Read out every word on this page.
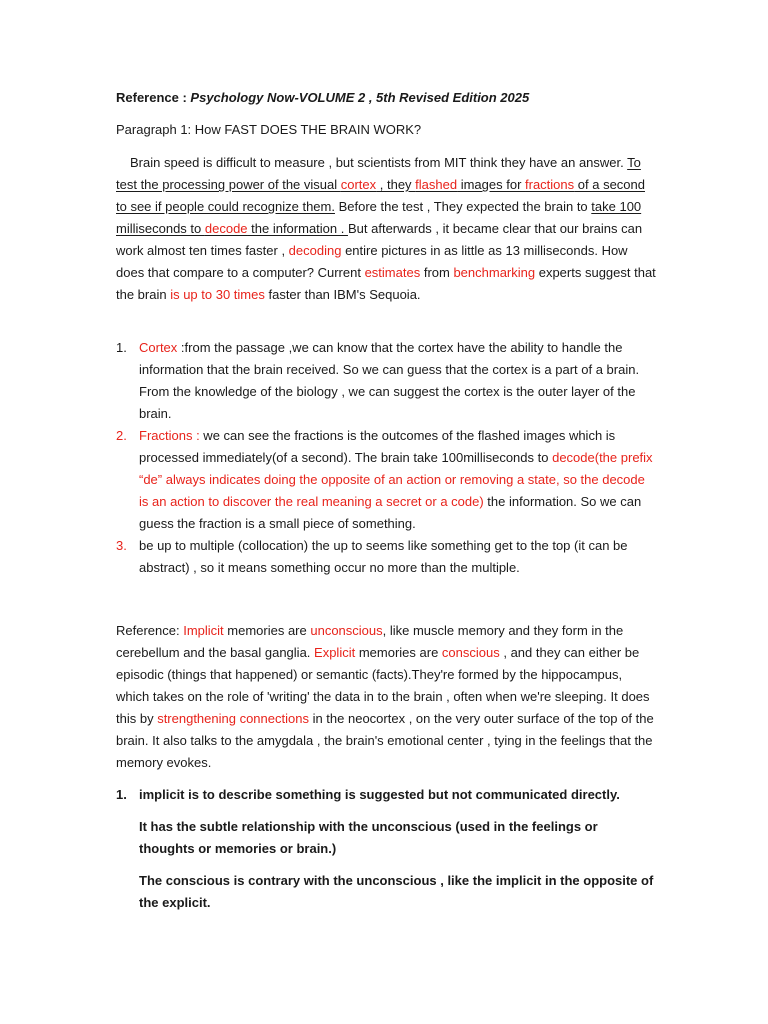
Reference : Psychology Now-VOLUME 2 , 5th Revised Edition 2025
Paragraph 1: How FAST DOES THE BRAIN WORK?

Brain speed is difficult to measure , but scientists from MIT think they have an answer. To test the processing power of the visual cortex , they flashed images for fractions of a second to see if people could recognize them. Before the test , They expected the brain to take 100 milliseconds to decode the information . But afterwards , it became clear that our brains can work almost ten times faster , decoding entire pictures in as little as 13 milliseconds. How does that compare to a computer? Current estimates from benchmarking experts suggest that the brain is up to 30 times faster than IBM's Sequoia.

1. Cortex :from the passage ,we can know that the cortex have the ability to handle the information that the brain received. So we can guess that the cortex is a part of a brain. From the knowledge of the biology , we can suggest the cortex is the outer layer of the brain.
2. Fractions : we can see the fractions is the outcomes of the flashed images which is processed immediately(of a second). The brain take 100milliseconds to decode(the prefix “de” always indicates doing the opposite of an action or removing a state, so the decode is an action to discover the real meaning a secret or a code) the information. So we can guess the fraction is a small piece of something.
3. be up to multiple (collocation) the up to seems like something get to the top (it can be abstract) , so it means something occur no more than the multiple.
Reference: Implicit memories are unconscious, like muscle memory and they form in the cerebellum and the basal ganglia. Explicit memories are conscious , and they can either be episodic (things that happened) or semantic (facts).They're formed by the hippocampus, which takes on the role of 'writing' the data in to the brain , often when we're sleeping. It does this by strengthening connections in the neocortex , on the very outer surface of the top of the brain. It also talks to the amygdala , the brain's emotional center , tying in the feelings that the memory evokes.
1. implicit is to describe something is suggested but not communicated directly.
It has the subtle relationship with the unconscious (used in the feelings or thoughts or memories or brain.)
The conscious is contrary with the unconscious , like the implicit in the opposite of the explicit.
